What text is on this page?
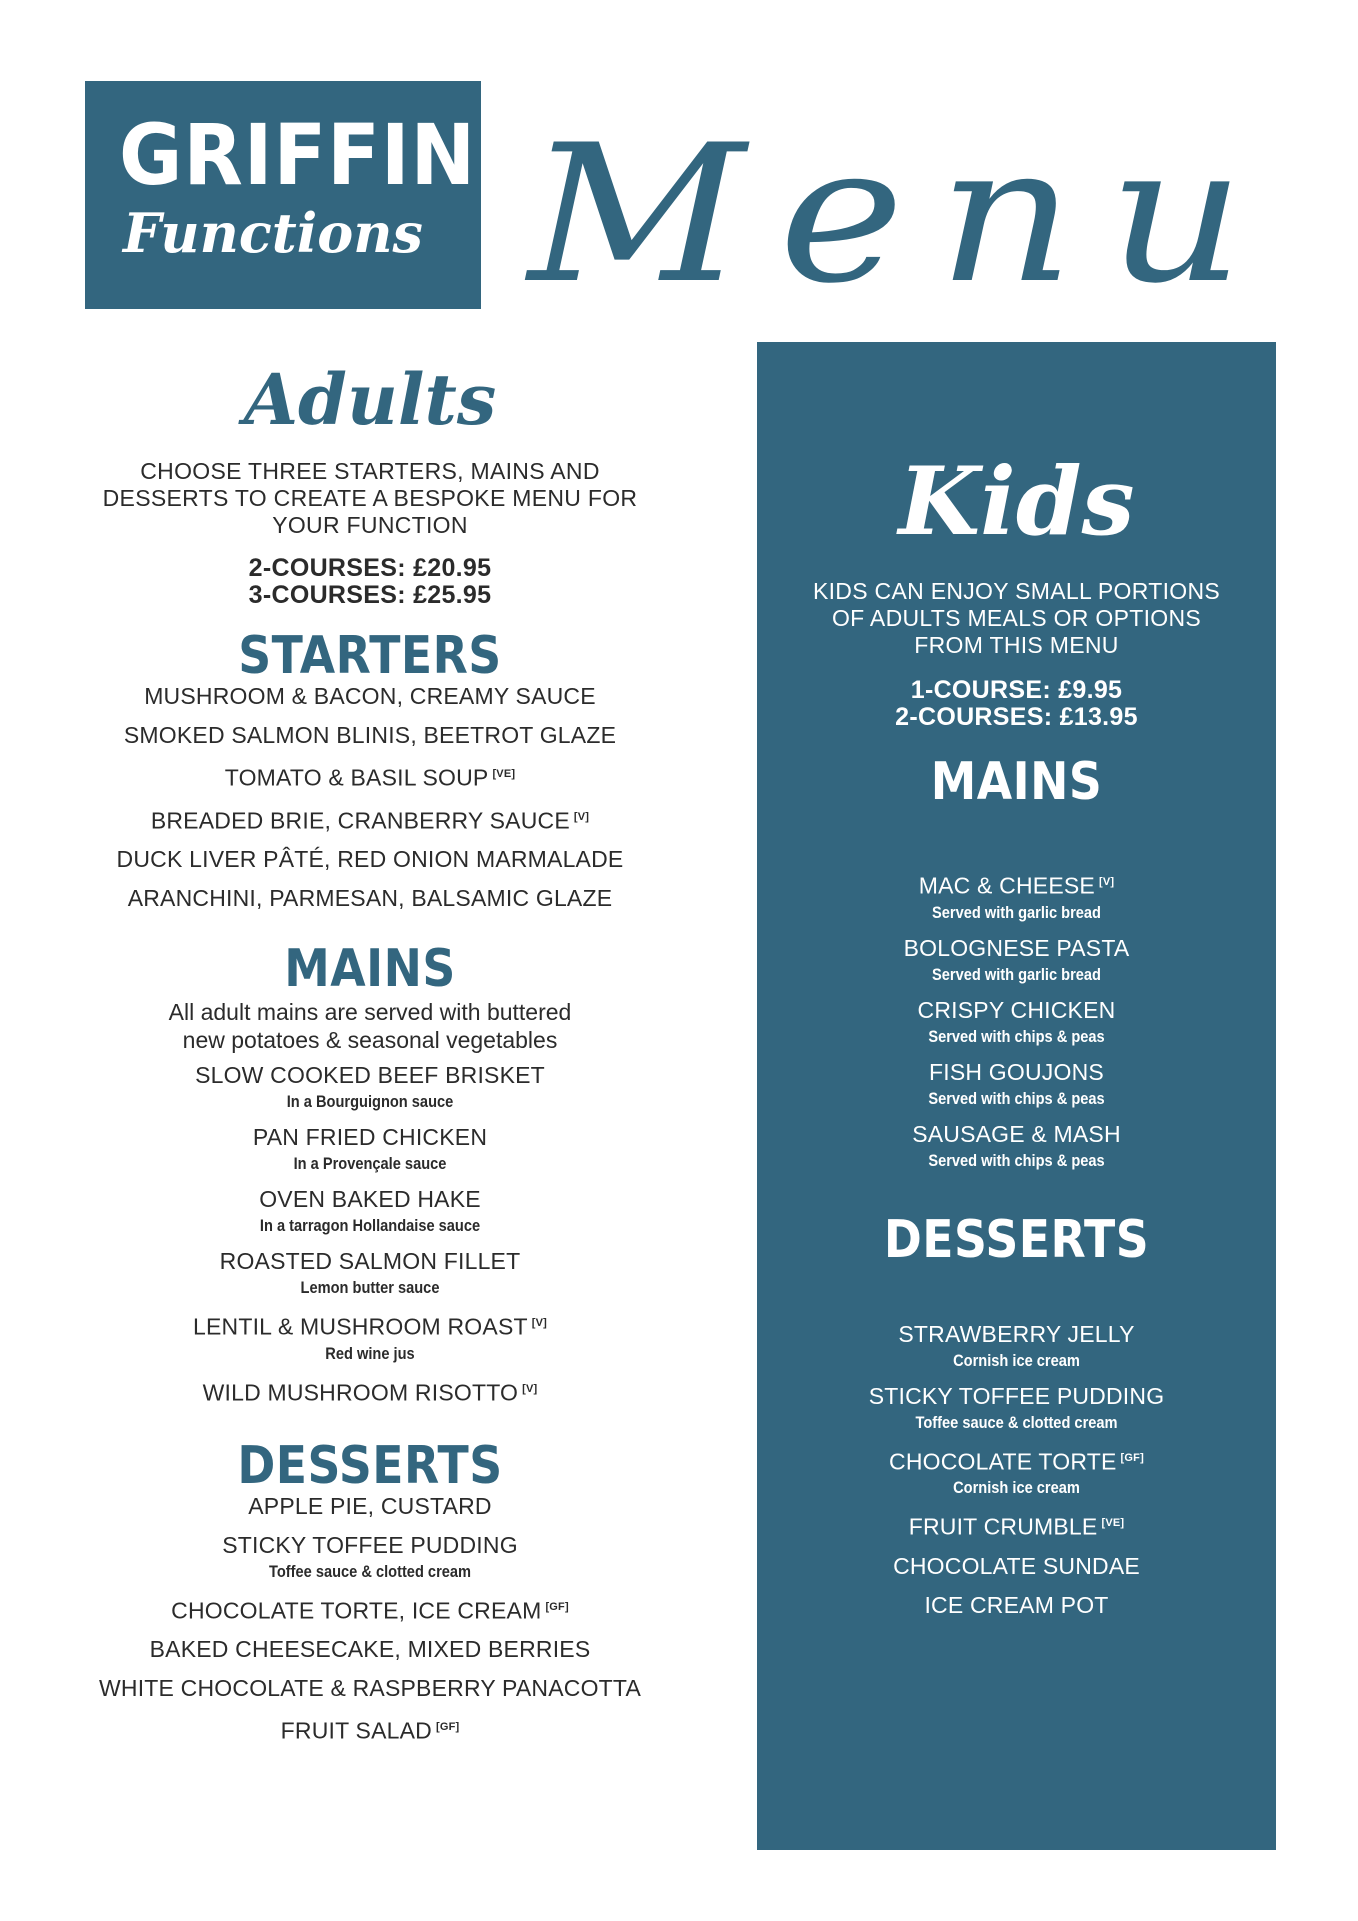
GRIFFIN
Functions Menu
Adults
CHOOSE THREE STARTERS, MAINS AND
DESSERTS TO CREATE A BESPOKE MENU FOR
YOUR FUNCTION
2-COURSES: £20.95
3-COURSES: £25.95
STARTERS
MUSHROOM & BACON, CREAMY SAUCE
SMOKED SALMON BLINIS, BEETROT GLAZE
TOMATO & BASIL SOUP [VE]
BREADED BRIE, CRANBERRY SAUCE [V]
DUCK LIVER PÂTÉ, RED ONION MARMALADE
ARANCHINI, PARMESAN, BALSAMIC GLAZE
MAINS
All adult mains are served with buttered
new potatoes & seasonal vegetables
SLOW COOKED BEEF BRISKET
In a Bourguignon sauce
PAN FRIED CHICKEN
In a Provençale sauce
OVEN BAKED HAKE
In a tarragon Hollandaise sauce
ROASTED SALMON FILLET
Lemon butter sauce
LENTIL & MUSHROOM ROAST [V]
Red wine jus
WILD MUSHROOM RISOTTO [V]
DESSERTS
APPLE PIE, CUSTARD
STICKY TOFFEE PUDDING
Toffee sauce & clotted cream
CHOCOLATE TORTE, ICE CREAM [GF]
BAKED CHEESECAKE, MIXED BERRIES
WHITE CHOCOLATE & RASPBERRY PANACOTTA
FRUIT SALAD [GF]
Kids
KIDS CAN ENJOY SMALL PORTIONS
OF ADULTS MEALS OR OPTIONS
FROM THIS MENU
1-COURSE: £9.95
2-COURSES: £13.95
MAINS
MAC & CHEESE [V]
Served with garlic bread
BOLOGNESE PASTA
Served with garlic bread
CRISPY CHICKEN
Served with chips & peas
FISH GOUJONS
Served with chips & peas
SAUSAGE & MASH
Served with chips & peas
DESSERTS
STRAWBERRY JELLY
Cornish ice cream
STICKY TOFFEE PUDDING
Toffee sauce & clotted cream
CHOCOLATE TORTE [GF]
Cornish ice cream
FRUIT CRUMBLE [VE]
CHOCOLATE SUNDAE
ICE CREAM POT
